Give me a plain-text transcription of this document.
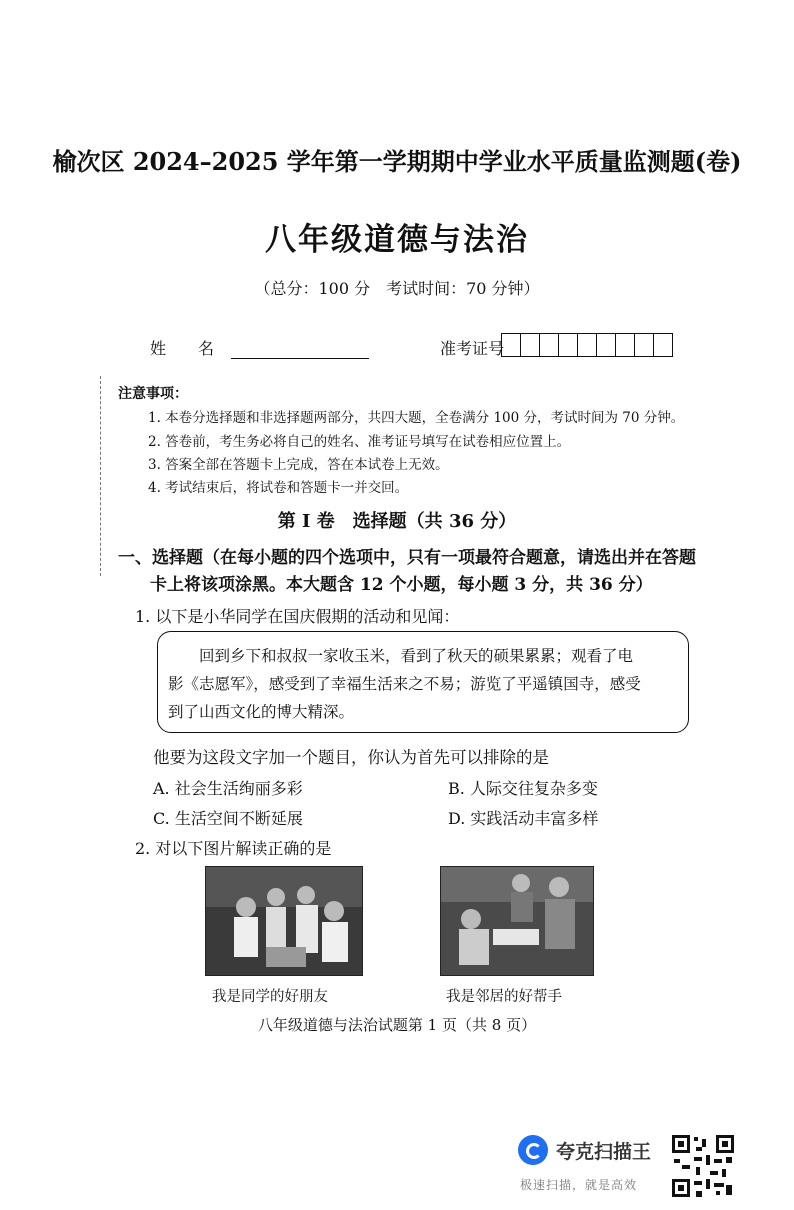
榆次区 2024–2025 学年第一学期期中学业水平质量监测题(卷)
八年级道德与法治
（总分：100 分　考试时间：70 分钟）
姓　　名	准考证号
注意事项：
1. 本卷分选择题和非选择题两部分，共四大题，全卷满分 100 分，考试时间为 70 分钟。
2. 答卷前，考生务必将自己的姓名、准考证号填写在试卷相应位置上。
3. 答案全部在答题卡上完成，答在本试卷上无效。
4. 考试结束后，将试卷和答题卡一并交回。
第 I 卷　选择题（共 36 分）
一、选择题（在每小题的四个选项中，只有一项最符合题意，请选出并在答题
卡上将该项涂黑。本大题含 12 个小题，每小题 3 分，共 36 分）
1. 以下是小华同学在国庆假期的活动和见闻：
　　回到乡下和叔叔一家收玉米，看到了秋天的硕果累累；观看了电
影《志愿军》，感受到了幸福生活来之不易；游览了平遥镇国寺，感受
到了山西文化的博大精深。
他要为这段文字加一个题目，你认为首先可以排除的是
A. 社会生活绚丽多彩	B. 人际交往复杂多变
C. 生活空间不断延展	D. 实践活动丰富多样
2. 对以下图片解读正确的是
我是同学的好朋友	我是邻居的好帮手
八年级道德与法治试题第 1 页（共 8 页）
夸克扫描王
极速扫描，就是高效
